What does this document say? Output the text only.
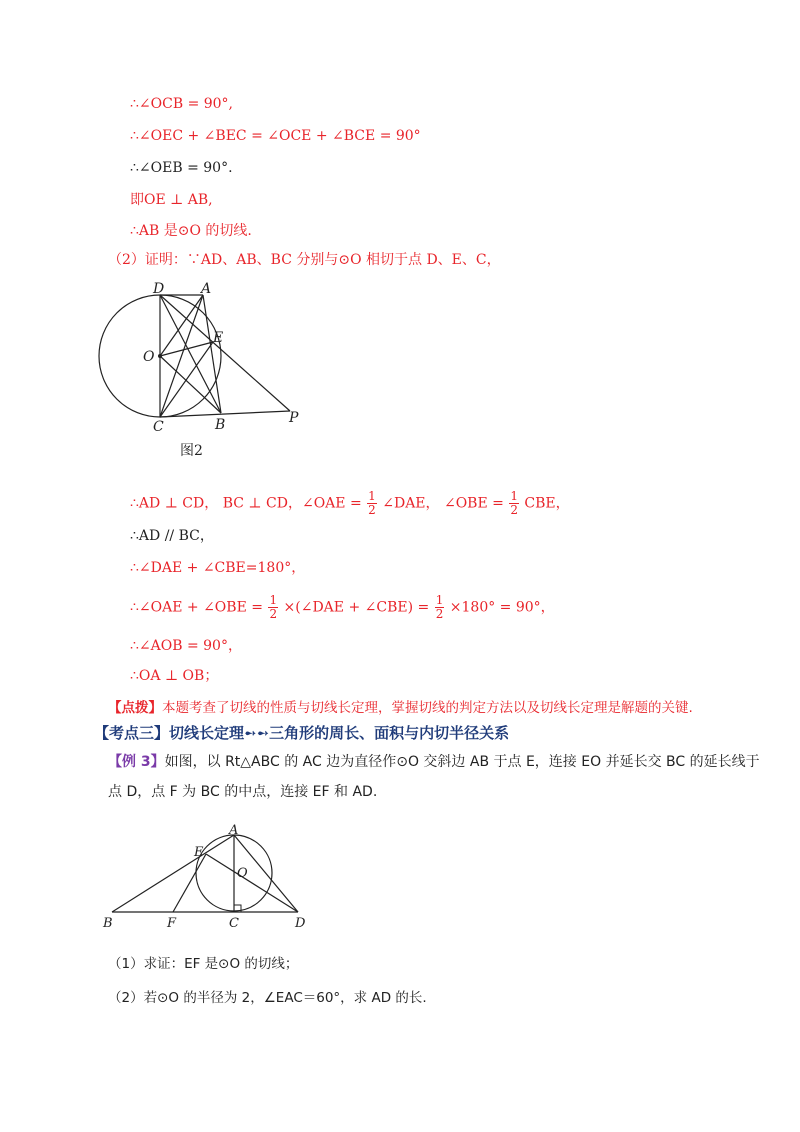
∴∠OCB = 90°,
∴∠OEC + ∠BEC = ∠OCE + ∠BCE = 90°
∴∠OEB = 90°.
即OE ⊥ AB,
∴AB 是⊙O 的切线.
（2）证明：∵AD、AB、BC 分别与⊙O 相切于点 D、E、C，
D	A
E
O
C	B	P
图2
∴AD ⊥ CD， BC ⊥ CD，∠OAE = $\frac{1}{2}$ ∠DAE， ∠OBE = $\frac{1}{2}$ CBE，
∴AD // BC，
∴∠DAE + ∠CBE=180°，
∴∠OAE + ∠OBE = $\frac{1}{2}$ ×(∠DAE + ∠CBE) = $\frac{1}{2} \times 180^\circ = 90^\circ$，
∴∠AOB = 90°，
∴OA ⊥ OB；
【点拨】本题考查了切线的性质与切线长定理，掌握切线的判定方法以及切线长定理是解题的关键.
【考点三】切线长定理➻➻三角形的周长、面积与内切半径关系
【例 3】如图，以 Rt△ABC 的 AC 边为直径作⊙O 交斜边 AB 于点 E，连接 EO 并延长交 BC 的延长线于点 D，点 F 为 BC 的中点，连接 EF 和 AD.
A
E
O
B	F	C	D
（1）求证：EF 是⊙O 的切线；
（2）若⊙O 的半径为 2，∠EAC＝60°，求 AD 的长.
